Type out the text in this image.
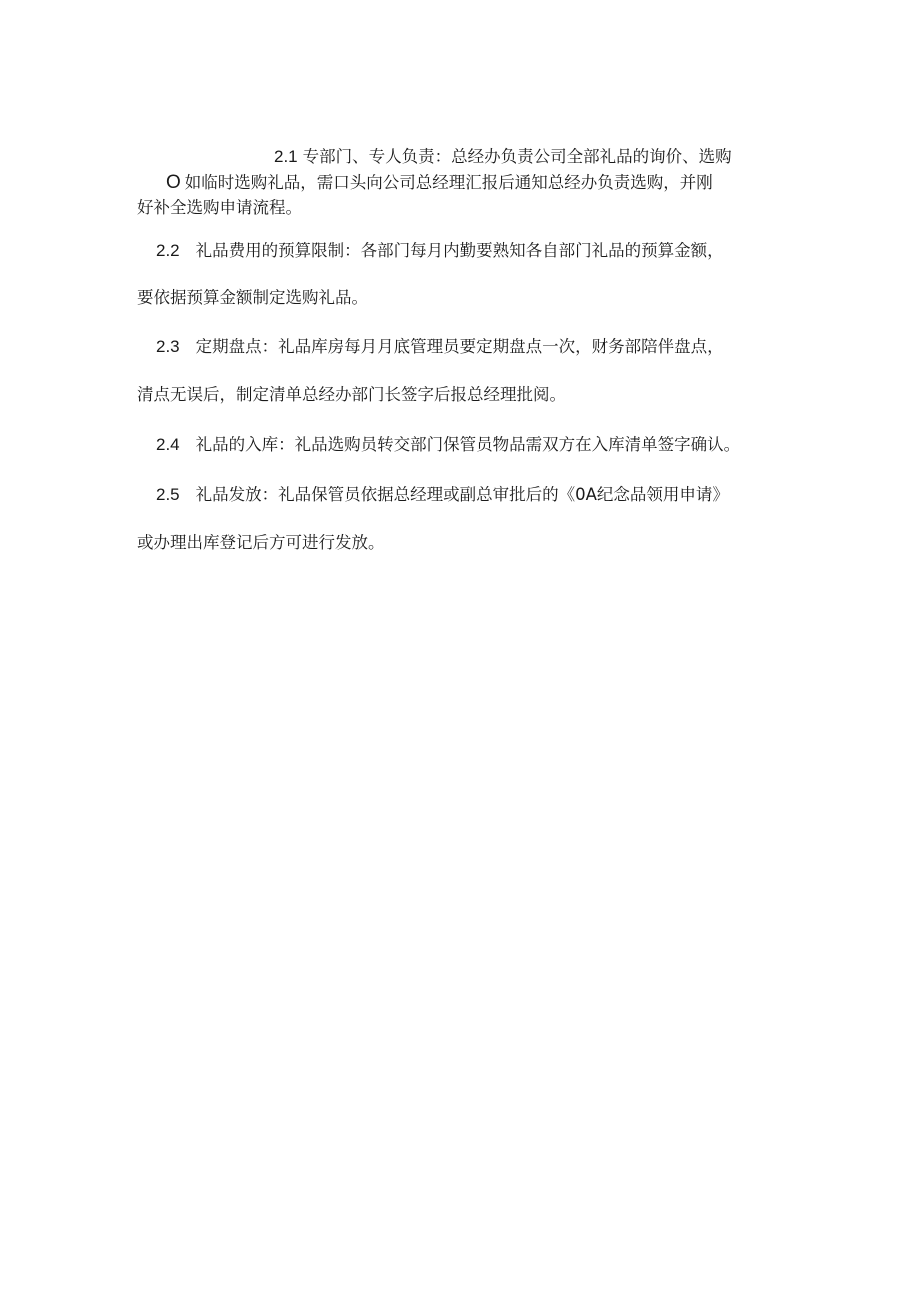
2.1 专部门、专人负责：总经办负责公司全部礼品的询价、选购
O 如临时选购礼品，需口头向公司总经理汇报后通知总经办负责选购，并刚
好补全选购申请流程。
2.2 礼品费用的预算限制：各部门每月内勤要熟知各自部门礼品的预算金额，
要依据预算金额制定选购礼品。
2.3 定期盘点：礼品库房每月月底管理员要定期盘点一次，财务部陪伴盘点，
清点无误后，制定清单总经办部门长签字后报总经理批阅。
2.4 礼品的入库：礼品选购员转交部门保管员物品需双方在入库清单签字确认。
2.5 礼品发放：礼品保管员依据总经理或副总审批后的《0A纪念品领用申请》
或办理出库登记后方可进行发放。
